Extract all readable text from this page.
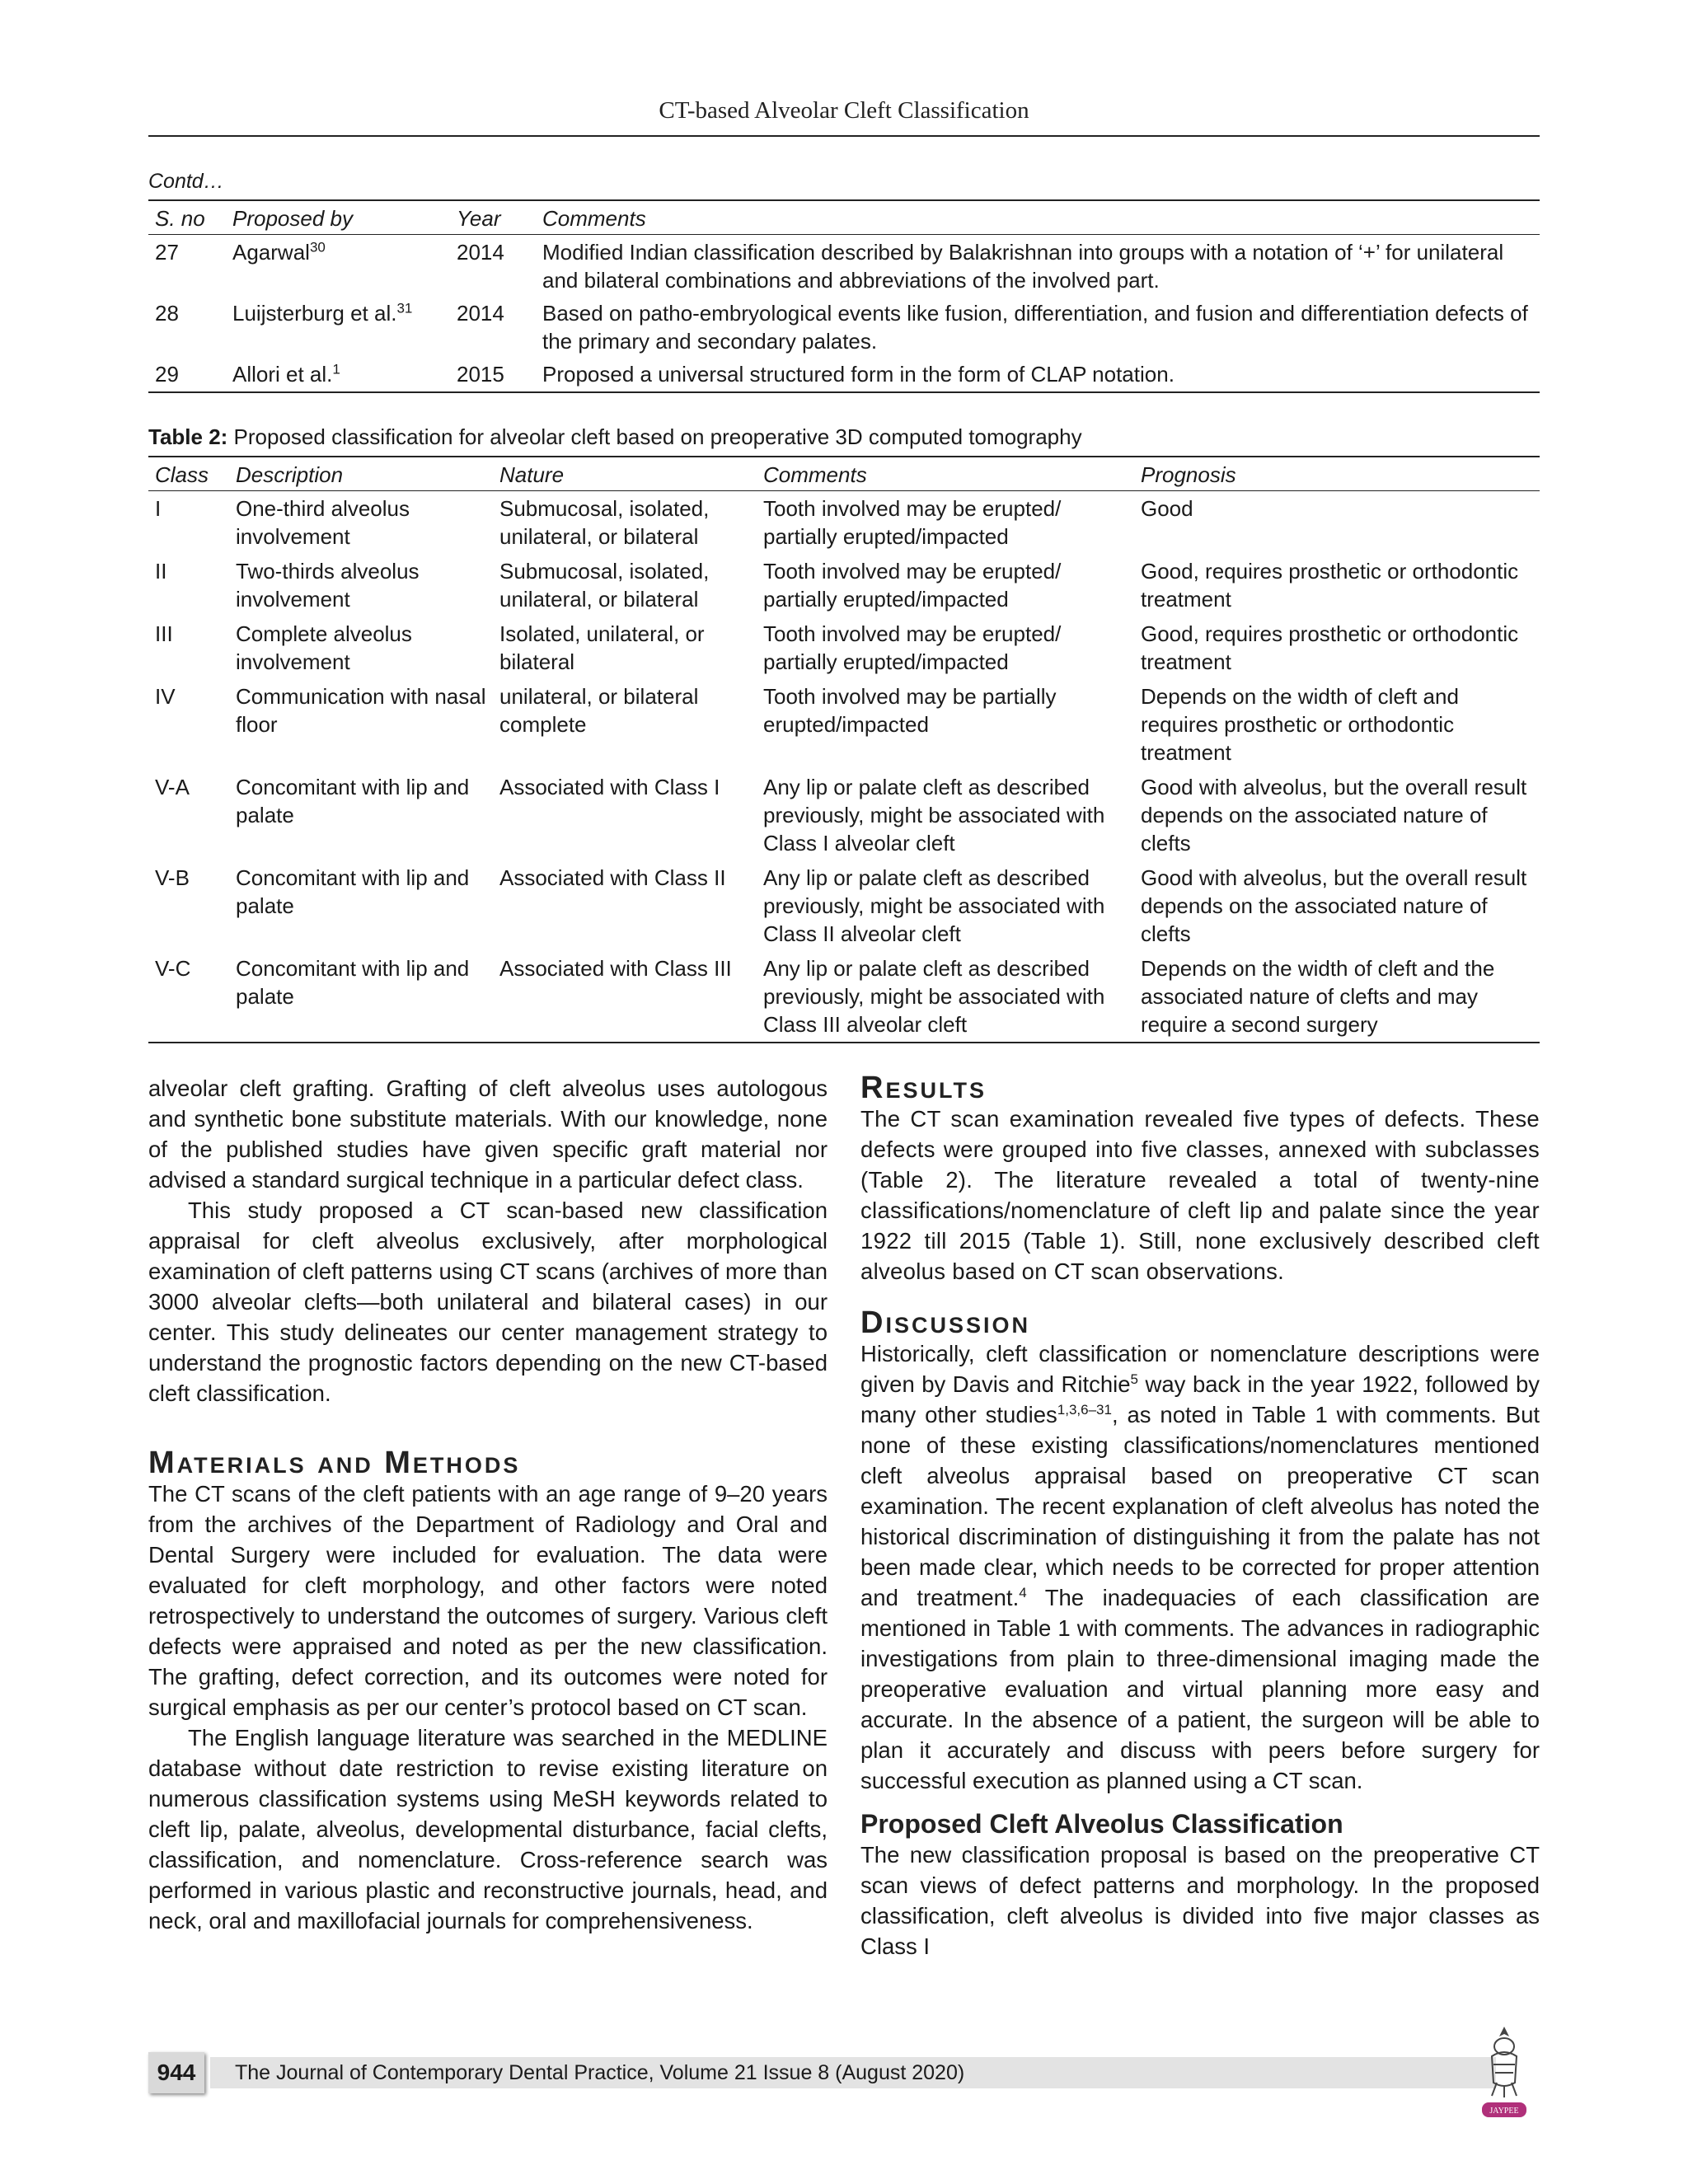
CT-based Alveolar Cleft Classification
Contd…
S. no	Proposed by	Year	Comments
27	Agarwal$^{30}$	2014	Modified Indian classification described by Balakrishnan into groups with a notation of ‘+’ for unilateral and bilateral combinations and abbreviations of the involved part.
28	Luijsterburg et al.$^{31}$	2014	Based on patho-embryological events like fusion, differentiation, and fusion and differentiation defects of the primary and secondary palates.
29	Allori et al.$^1$	2015	Proposed a universal structured form in the form of CLAP notation.
Table 2: Proposed classification for alveolar cleft based on preoperative 3D computed tomography
Class	Description	Nature	Comments	Prognosis
I	One-third alveolus involvement	Submucosal, isolated, unilateral, or bilateral	Tooth involved may be erupted/ partially erupted/impacted	Good
II	Two-thirds alveolus involvement	Submucosal, isolated, unilateral, or bilateral	Tooth involved may be erupted/ partially erupted/impacted	Good, requires prosthetic or orthodontic treatment
III	Complete alveolus involvement	Isolated, unilateral, or bilateral	Tooth involved may be erupted/ partially erupted/impacted	Good, requires prosthetic or orthodontic treatment
IV	Communication with nasal floor	unilateral, or bilateral complete	Tooth involved may be partially erupted/impacted	Depends on the width of cleft and requires prosthetic or orthodontic treatment
V-A	Concomitant with lip and palate	Associated with Class I	Any lip or palate cleft as described previously, might be associated with Class I alveolar cleft	Good with alveolus, but the overall result depends on the associated nature of clefts
V-B	Concomitant with lip and palate	Associated with Class II	Any lip or palate cleft as described previously, might be associated with Class II alveolar cleft	Good with alveolus, but the overall result depends on the associated nature of clefts
V-C	Concomitant with lip and palate	Associated with Class III	Any lip or palate cleft as described previously, might be associated with Class III alveolar cleft	Depends on the width of cleft and the associated nature of clefts and may require a second surgery

alveolar cleft grafting. Grafting of cleft alveolus uses autologous and synthetic bone substitute materials. With our knowledge, none of the published studies have given specific graft material nor advised a standard surgical technique in a particular defect class.

This study proposed a CT scan-based new classification appraisal for cleft alveolus exclusively, after morphological examination of cleft patterns using CT scans (archives of more than 3000 alveolar clefts—both unilateral and bilateral cases) in our center. This study delineates our center management strategy to understand the prognostic factors depending on the new CT-based cleft classification.

Materials and Methods

The CT scans of the cleft patients with an age range of 9–20 years from the archives of the Department of Radiology and Oral and Dental Surgery were included for evaluation. The data were evaluated for cleft morphology, and other factors were noted retrospectively to understand the outcomes of surgery. Various cleft defects were appraised and noted as per the new classification. The grafting, defect correction, and its outcomes were noted for surgical emphasis as per our center’s protocol based on CT scan.

The English language literature was searched in the MEDLINE database without date restriction to revise existing literature on numerous classification systems using MeSH keywords related to cleft lip, palate, alveolus, developmental disturbance, facial clefts, classification, and nomenclature. Cross-reference search was performed in various plastic and reconstructive journals, head, and neck, oral and maxillofacial journals for comprehensiveness.

Results

The CT scan examination revealed five types of defects. These defects were grouped into five classes, annexed with subclasses (Table 2). The literature revealed a total of twenty-nine classifications/nomenclature of cleft lip and palate since the year 1922 till 2015 (Table 1). Still, none exclusively described cleft alveolus based on CT scan observations.

Discussion

Historically, cleft classification or nomenclature descriptions were given by Davis and Ritchie$^5$ way back in the year 1922, followed by many other studies$^{1,3,6-31}$, as noted in Table 1 with comments. But none of these existing classifications/nomenclatures mentioned cleft alveolus appraisal based on preoperative CT scan examination. The recent explanation of cleft alveolus has noted the historical discrimination of distinguishing it from the palate has not been made clear, which needs to be corrected for proper attention and treatment.$^4$ The inadequacies of each classification are mentioned in Table 1 with comments. The advances in radiographic investigations from plain to three-dimensional imaging made the preoperative evaluation and virtual planning more easy and accurate. In the absence of a patient, the surgeon will be able to plan it accurately and discuss with peers before surgery for successful execution as planned using a CT scan.

Proposed Cleft Alveolus Classification

The new classification proposal is based on the preoperative CT scan views of defect patterns and morphology. In the proposed classification, cleft alveolus is divided into five major classes as Class I

944	The Journal of Contemporary Dental Practice, Volume 21 Issue 8 (August 2020)
JAYPEE
